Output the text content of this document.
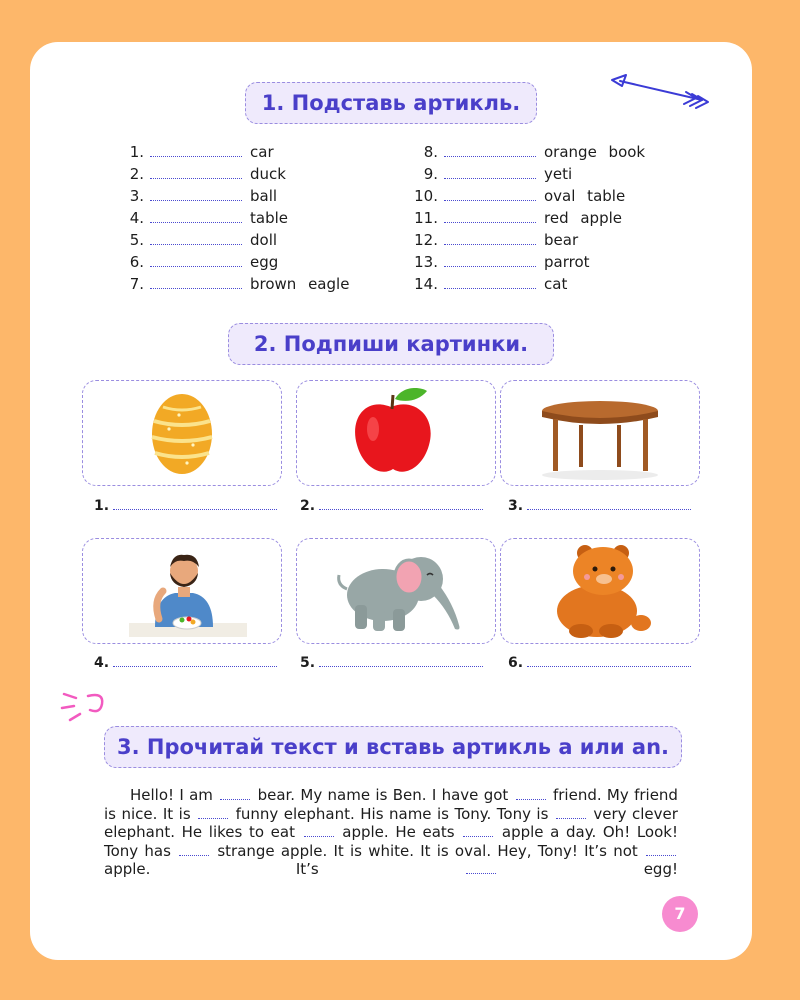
1. Подставь артикль.
1.	car
2.	duck
3.	ball
4.	table
5.	doll
6.	egg
7.	brown eagle
8.	orange book
9.	yeti
10.	oval table
11.	red apple
12.	bear
13.	parrot
14.	cat
2. Подпиши картинки.
1.	2.	3.
4.	5.	6.
3. Прочитай текст и вставь артикль a или an.
Hello! I am	bear. My name is Ben. I have got	friend. My friend is nice. It is	funny elephant. His name is Tony. Tony is	very clever elephant. He likes to eat	apple. He eats	apple a day. Oh! Look! Tony has	strange apple. It is white. It is oval. Hey, Tony! It’s not  apple. It’s	egg!
7
